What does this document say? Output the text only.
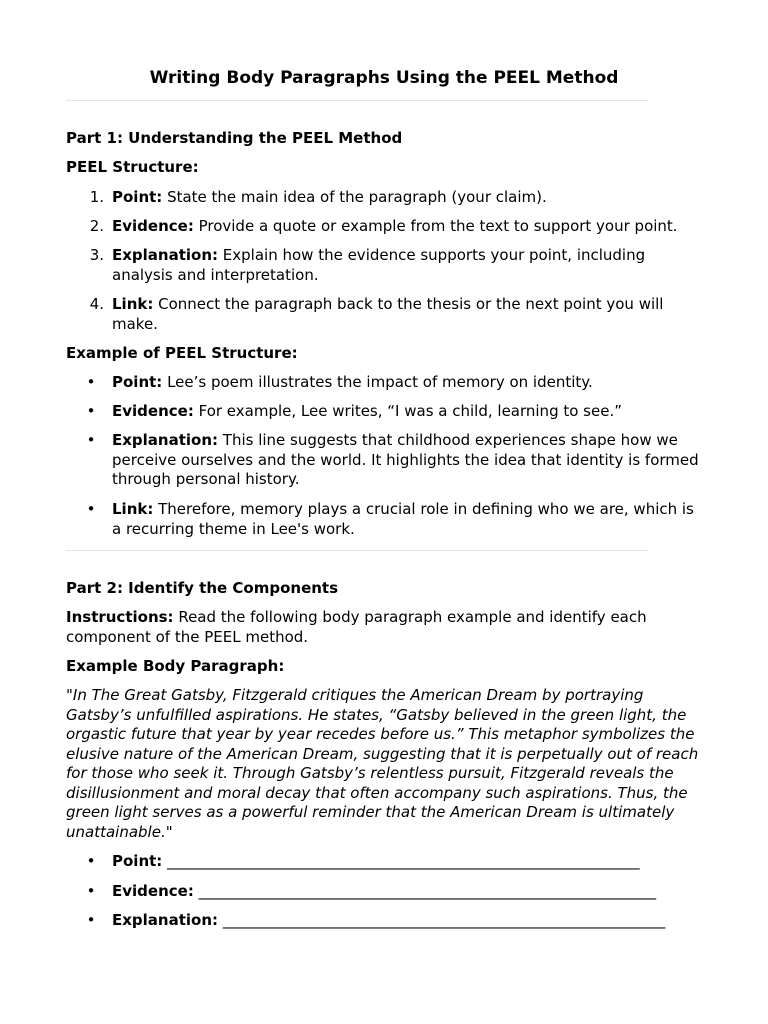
Writing Body Paragraphs Using the PEEL Method
Part 1: Understanding the PEEL Method
PEEL Structure:
1. Point: State the main idea of the paragraph (your claim).
2. Evidence: Provide a quote or example from the text to support your point.
3. Explanation: Explain how the evidence supports your point, including analysis and interpretation.
4. Link: Connect the paragraph back to the thesis or the next point you will make.
Example of PEEL Structure:
• Point: Lee’s poem illustrates the impact of memory on identity.
• Evidence: For example, Lee writes, “I was a child, learning to see.”
• Explanation: This line suggests that childhood experiences shape how we perceive ourselves and the world. It highlights the idea that identity is formed through personal history.
• Link: Therefore, memory plays a crucial role in defining who we are, which is a recurring theme in Lee's work.
Part 2: Identify the Components
Instructions: Read the following body paragraph example and identify each component of the PEEL method.
Example Body Paragraph:
"In The Great Gatsby, Fitzgerald critiques the American Dream by portraying Gatsby’s unfulfilled aspirations. He states, “Gatsby believed in the green light, the orgastic future that year by year recedes before us.” This metaphor symbolizes the elusive nature of the American Dream, suggesting that it is perpetually out of reach for those who seek it. Through Gatsby’s relentless pursuit, Fitzgerald reveals the disillusionment and moral decay that often accompany such aspirations. Thus, the green light serves as a powerful reminder that the American Dream is ultimately unattainable."
• Point: _______________________________________________________________
• Evidence: _____________________________________________________________
• Explanation: ___________________________________________________________
